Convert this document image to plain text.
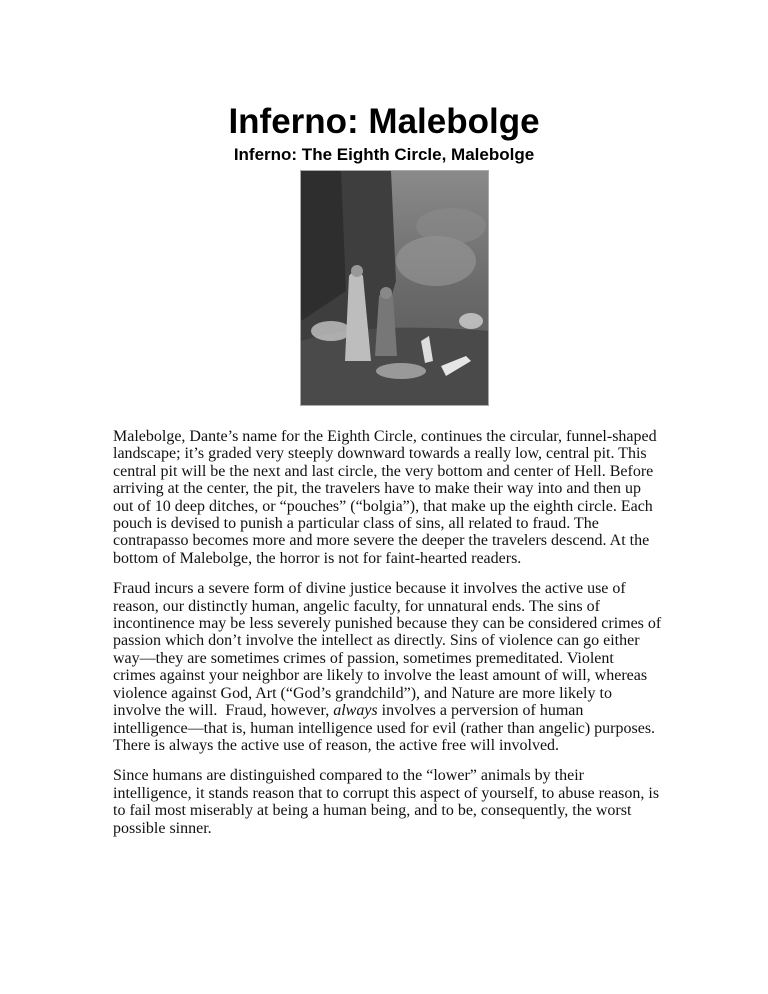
Inferno: Malebolge
Inferno: The Eighth Circle, Malebolge

Malebolge, Dante’s name for the Eighth Circle, continues the circular, funnel-shaped
landscape; it’s graded very steeply downward towards a really low, central pit. This
central pit will be the next and last circle, the very bottom and center of Hell. Before
arriving at the center, the pit, the travelers have to make their way into and then up
out of 10 deep ditches, or “pouches” (“bolgia”), that make up the eighth circle. Each
pouch is devised to punish a particular class of sins, all related to fraud. The
contrapasso becomes more and more severe the deeper the travelers descend. At the
bottom of Malebolge, the horror is not for faint-hearted readers.

Fraud incurs a severe form of divine justice because it involves the active use of
reason, our distinctly human, angelic faculty, for unnatural ends. The sins of
incontinence may be less severely punished because they can be considered crimes of
passion which don’t involve the intellect as directly. Sins of violence can go either
way—they are sometimes crimes of passion, sometimes premeditated. Violent
crimes against your neighbor are likely to involve the least amount of will, whereas
violence against God, Art (“God’s grandchild”), and Nature are more likely to
involve the will.  Fraud, however, always involves a perversion of human
intelligence—that is, human intelligence used for evil (rather than angelic) purposes.
There is always the active use of reason, the active free will involved.

Since humans are distinguished compared to the “lower” animals by their
intelligence, it stands reason that to corrupt this aspect of yourself, to abuse reason, is
to fail most miserably at being a human being, and to be, consequently, the worst
possible sinner.
